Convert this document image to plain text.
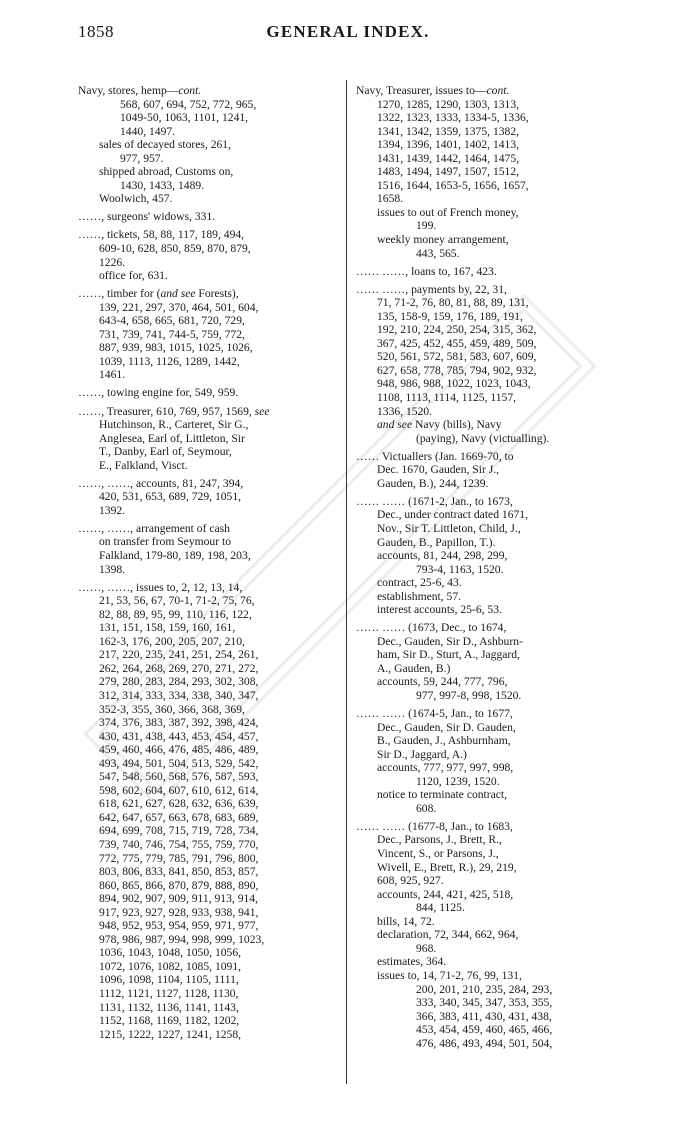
1858	GENERAL INDEX.
Navy, stores, hemp—cont.
568, 607, 694, 752, 772, 965,
1049-50, 1063, 1101, 1241,
1440, 1497.
sales of decayed stores, 261,
977, 957.
shipped abroad, Customs on,
1430, 1433, 1489.
Woolwich, 457.
……, surgeons' widows, 331.
……, tickets, 58, 88, 117, 189, 494,
609-10, 628, 850, 859, 870, 879,
1226.
office for, 631.
……, timber for (and see Forests),
139, 221, 297, 370, 464, 501, 604,
643-4, 658, 665, 681, 720, 729,
731, 739, 741, 744-5, 759, 772,
887, 939, 983, 1015, 1025, 1026,
1039, 1113, 1126, 1289, 1442,
1461.
……, towing engine for, 549, 959.
……, Treasurer, 610, 769, 957, 1569, see
Hutchinson, R., Carteret, Sir G.,
Anglesea, Earl of, Littleton, Sir
T., Danby, Earl of, Seymour,
E., Falkland, Visct.
……, ……, accounts, 81, 247, 394,
420, 531, 653, 689, 729, 1051,
1392.
……, ……, arrangement of cash
on transfer from Seymour to
Falkland, 179-80, 189, 198, 203,
1398.
……, ……, issues to, 2, 12, 13, 14,
21, 53, 56, 67, 70-1, 71-2, 75, 76,
82, 88, 89, 95, 99, 110, 116, 122,
131, 151, 158, 159, 160, 161,
162-3, 176, 200, 205, 207, 210,
217, 220, 235, 241, 251, 254, 261,
262, 264, 268, 269, 270, 271, 272,
279, 280, 283, 284, 293, 302, 308,
312, 314, 333, 334, 338, 340, 347,
352-3, 355, 360, 366, 368, 369,
374, 376, 383, 387, 392, 398, 424,
430, 431, 438, 443, 453, 454, 457,
459, 460, 466, 476, 485, 486, 489,
493, 494, 501, 504, 513, 529, 542,
547, 548, 560, 568, 576, 587, 593,
598, 602, 604, 607, 610, 612, 614,
618, 621, 627, 628, 632, 636, 639,
642, 647, 657, 663, 678, 683, 689,
694, 699, 708, 715, 719, 728, 734,
739, 740, 746, 754, 755, 759, 770,
772, 775, 779, 785, 791, 796, 800,
803, 806, 833, 841, 850, 853, 857,
860, 865, 866, 870, 879, 888, 890,
894, 902, 907, 909, 911, 913, 914,
917, 923, 927, 928, 933, 938, 941,
948, 952, 953, 954, 959, 971, 977,
978, 986, 987, 994, 998, 999, 1023,
1036, 1043, 1048, 1050, 1056,
1072, 1076, 1082, 1085, 1091,
1096, 1098, 1104, 1105, 1111,
1112, 1121, 1127, 1128, 1130,
1131, 1132, 1136, 1141, 1143,
1152, 1168, 1169, 1182, 1202,
1215, 1222, 1227, 1241, 1258,
Navy, Treasurer, issues to—cont.
1270, 1285, 1290, 1303, 1313,
1322, 1323, 1333, 1334-5, 1336,
1341, 1342, 1359, 1375, 1382,
1394, 1396, 1401, 1402, 1413,
1431, 1439, 1442, 1464, 1475,
1483, 1494, 1497, 1507, 1512,
1516, 1644, 1653-5, 1656, 1657,
1658.
issues to out of French money,
199.
weekly money arrangement,
443, 565.
…… ……, loans to, 167, 423.
…… ……, payments by, 22, 31,
71, 71-2, 76, 80, 81, 88, 89, 131,
135, 158-9, 159, 176, 189, 191,
192, 210, 224, 250, 254, 315, 362,
367, 425, 452, 455, 459, 489, 509,
520, 561, 572, 581, 583, 607, 609,
627, 658, 778, 785, 794, 902, 932,
948, 986, 988, 1022, 1023, 1043,
1108, 1113, 1114, 1125, 1157,
1336, 1520.
and see Navy (bills), Navy
(paying), Navy (victualling).
…… Victuallers (Jan. 1669-70, to
Dec. 1670, Gauden, Sir J.,
Gauden, B.), 244, 1239.
…… …… (1671-2, Jan., to 1673,
Dec., under contract dated 1671,
Nov., Sir T. Littleton, Child, J.,
Gauden, B., Papillon, T.).
accounts, 81, 244, 298, 299,
793-4, 1163, 1520.
contract, 25-6, 43.
establishment, 57.
interest accounts, 25-6, 53.
…… …… (1673, Dec., to 1674,
Dec., Gauden, Sir D., Ashburn-
ham, Sir D., Sturt, A., Jaggard,
A., Gauden, B.)
accounts, 59, 244, 777, 796,
977, 997-8, 998, 1520.
…… …… (1674-5, Jan., to 1677,
Dec., Gauden, Sir D. Gauden,
B., Gauden, J., Ashburnham,
Sir D., Jaggard, A.)
accounts, 777, 977, 997, 998,
1120, 1239, 1520.
notice to terminate contract,
608.
…… …… (1677-8, Jan., to 1683,
Dec., Parsons, J., Brett, R.,
Vincent, S., or Parsons, J.,
Wivell, E., Brett, R.), 29, 219,
608, 925, 927.
accounts, 244, 421, 425, 518,
844, 1125.
bills, 14, 72.
declaration, 72, 344, 662, 964,
968.
estimates, 364.
issues to, 14, 71-2, 76, 99, 131,
200, 201, 210, 235, 284, 293,
333, 340, 345, 347, 353, 355,
366, 383, 411, 430, 431, 438,
453, 454, 459, 460, 465, 466,
476, 486, 493, 494, 501, 504,
